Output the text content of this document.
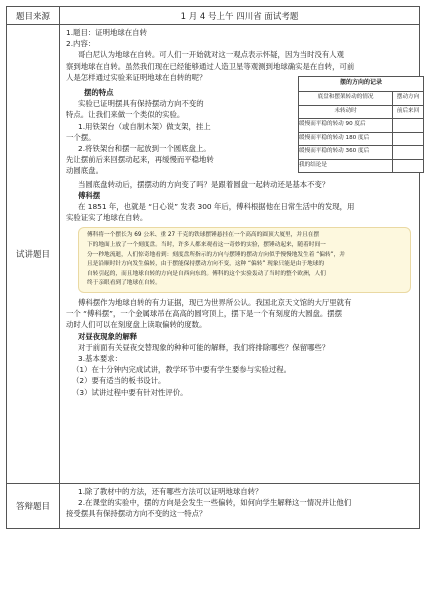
题目来源	1 月 4 号上午 四川省 面试考题
试讲题目	
1.题目：证明地球在自转
2.内容：
哥白尼认为地球在自转。可人们一开始就对这一观点表示怀疑，因为当时没有人观
察到地球在自转。虽然我们现在已经能够通过人造卫星等观测到地球确实是在自转，可前
人是怎样通过实验来证明地球在自转的呢？
摆的特点
实验已证明摆具有保持摆动方向不变的
特点。让我们来做一个类似的实验。
1.用铁架台（或自制木架）做支架，挂上
一个摆。
2.将铁架台和摆一起放到一个圆底盘上。
先让摆前后来回摆动起来，再缓慢而平稳地转
动圆底盘。
摆的方向的记录
底盘和摆架转动的情况	摆动方向
未转动时	前后来回
缓慢而平稳的转动 90 度后	
缓慢而平稳的转动 180 度后	
缓慢而平稳的转动 360 度后	
我的结论是	
当圆底盘转动后，摆摆动的方向变了吗？是跟着圆盘一起转动还是基本不变？
傅科摆
在 1851 年，也就是 “日心说” 发表 300 年后，傅科根据他在日常生活中的发现，用
实验证实了地球在自转。
傅科将一个摆长为 69 公米、重 27 千克的铁球摆锤悬挂在一个高高的圆顶大厦里，并且在摆
下的地面上放了一个刻度盘。当时，许多人都来观看这一奇妙的实验，摆锤动起来，随着时间一
分一秒地流逝，人们惊奇地看到：刻度盘所指示的方向与摆锤的摆动方向似乎慢慢地发生着 “偏转”，并
且是沿顺时针方向发生偏转，由于摆能保持摆动方向不变，这种 “偏转” 现象只能是由于地球的
自转引起的，而且地球自转的方向是自西向东的。傅科的这个实验轰动了当时的整个欧洲，人们
终于亲眼看到了地球在自转。
傅科摆作为地球自转的有力证据，现已为世界所公认。我国北京天文馆的大厅里就有
一个 “傅科摆”，一个金属球吊在高高的圆穹顶上，摆下是一个有刻度的大圆盘。摆摆
动时人们可以在刻度盘上读取偏转的度数。
对昼夜现象的解释
对于前面有关昼夜交替现象的种种可能的解释，我们将排除哪些？保留哪些？
3.基本要求：
（1）在十分钟内完成试讲，教学环节中要有学生要参与实验过程。
（2）要有适当的板书设计。
（3）试讲过程中要有针对性评价。

答辩题目	
1.除了教材中的方法，还有哪些方法可以证明地球自转？
2.在课堂的实验中，摆的方向是会发生一些偏转，如何向学生解释这一情况并让他们
接受摆具有保持摆动方向不变的这一特点？
